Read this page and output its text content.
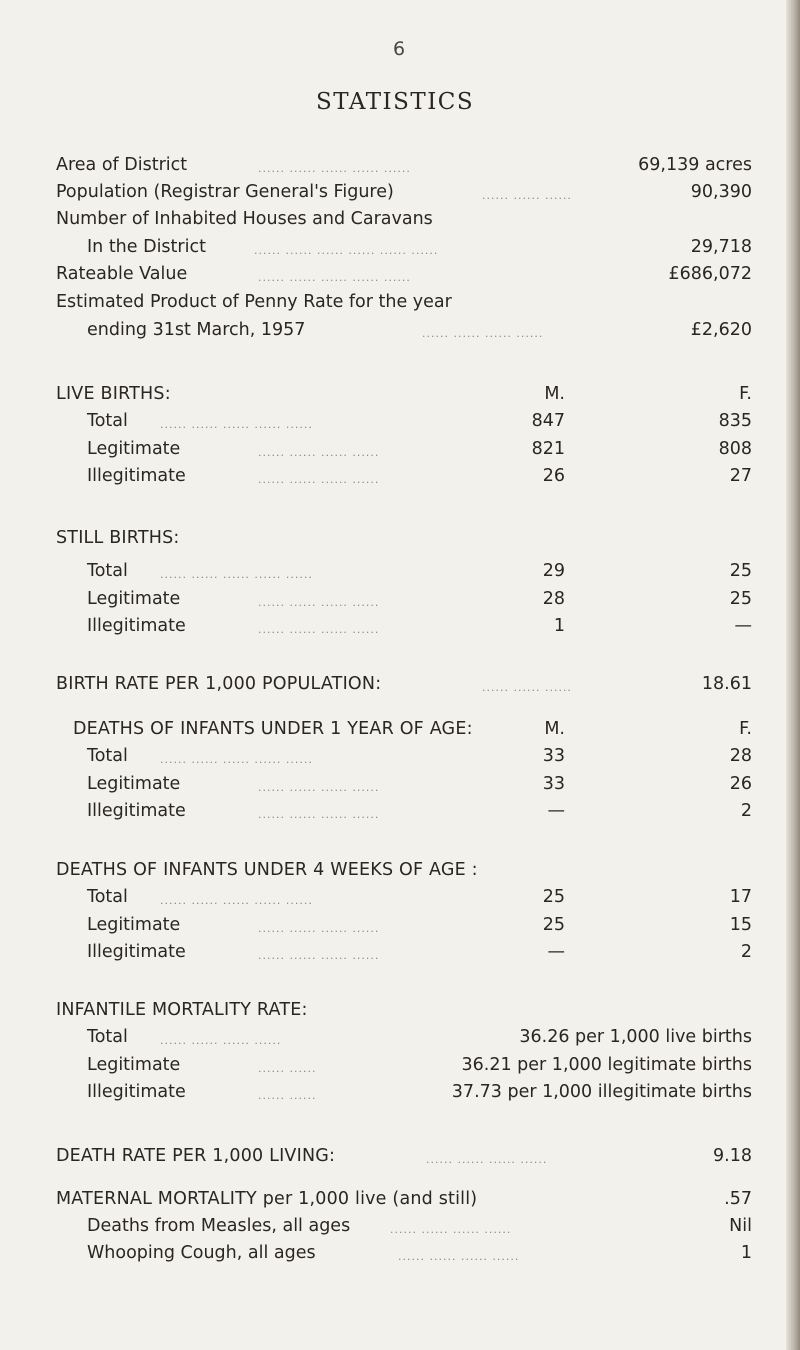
6
STATISTICS
Area of District	...... ...... ...... ...... ......	69,139 acres
Population (Registrar General's Figure)	...... ...... ......	90,390
Number of Inhabited Houses and Caravans
In the District	...... ...... ...... ...... ...... ......	29,718
Rateable Value	...... ...... ...... ...... ......	£686,072
Estimated Product of Penny Rate for the year
ending 31st March, 1957	...... ...... ...... ......	£2,620
LIVE BIRTHS:	M.	F.
Total	...... ...... ...... ...... ......	847	835
Legitimate	...... ...... ...... ......	821	808
Illegitimate	...... ...... ...... ......	26	27
STILL BIRTHS:
Total	...... ...... ...... ...... ......	29	25
Legitimate	...... ...... ...... ......	28	25
Illegitimate	...... ...... ...... ......	1	—
BIRTH RATE PER 1,000 POPULATION:	...... ...... ......	18.61
DEATHS OF INFANTS UNDER 1 YEAR OF AGE:	M.	F.
Total	...... ...... ...... ...... ......	33	28
Legitimate	...... ...... ...... ......	33	26
Illegitimate	...... ...... ...... ......	—	2
DEATHS OF INFANTS UNDER 4 WEEKS OF AGE :
Total	...... ...... ...... ...... ......	25	17
Legitimate	...... ...... ...... ......	25	15
Illegitimate	...... ...... ...... ......	—	2
INFANTILE MORTALITY RATE:
Total	...... ...... ...... ......	36.26 per 1,000 live births
Legitimate	...... ......	36.21 per 1,000 legitimate births
Illegitimate	...... ......	37.73 per 1,000 illegitimate births
DEATH RATE PER 1,000 LIVING:	...... ...... ...... ......	9.18
MATERNAL MORTALITY per 1,000 live (and still)	.57
Deaths from Measles, all ages	...... ...... ...... ......	Nil
Whooping Cough, all ages	...... ...... ...... ......	1
